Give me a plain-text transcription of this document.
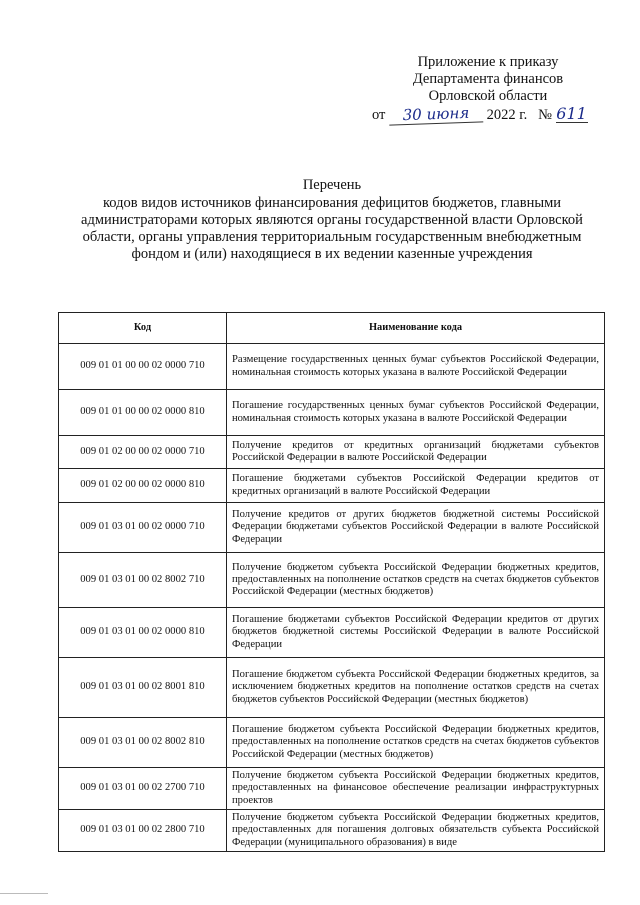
Приложение к приказу
Департамента финансов
Орловской области
от 30 июня 2022 г. № 611
Перечень
кодов видов источников финансирования дефицитов бюджетов, главными администраторами которых являются органы государственной власти Орловской области, органы управления территориальным государственным внебюджетным фондом и (или) находящиеся в их ведении казенные учреждения
Код	Наименование кода
009 01 01 00 00 02 0000 710	Размещение государственных ценных бумаг субъектов Российской Федерации, номинальная стоимость которых указана в валюте Российской Федерации
009 01 01 00 00 02 0000 810	Погашение государственных ценных бумаг субъектов Российской Федерации, номинальная стоимость которых указана в валюте Российской Федерации
009 01 02 00 00 02 0000 710	Получение кредитов от кредитных организаций бюджетами субъектов Российской Федерации в валюте Российской Федерации
009 01 02 00 00 02 0000 810	Погашение бюджетами субъектов Российской Федерации кредитов от кредитных организаций в валюте Российской Федерации
009 01 03 01 00 02 0000 710	Получение кредитов от других бюджетов бюджетной системы Российской Федерации бюджетами субъектов Российской Федерации в валюте Российской Федерации
009 01 03 01 00 02 8002 710	Получение бюджетом субъекта Российской Федерации бюджетных кредитов, предоставленных на пополнение остатков средств на счетах бюджетов субъектов Российской Федерации (местных бюджетов)
009 01 03 01 00 02 0000 810	Погашение бюджетами субъектов Российской Федерации кредитов от других бюджетов бюджетной системы Российской Федерации в валюте Российской Федерации
009 01 03 01 00 02 8001 810	Погашение бюджетом субъекта Российской Федерации бюджетных кредитов, за исключением бюджетных кредитов на пополнение остатков средств на счетах бюджетов субъектов Российской Федерации (местных бюджетов)
009 01 03 01 00 02 8002 810	Погашение бюджетом субъекта Российской Федерации бюджетных кредитов, предоставленных на пополнение остатков средств на счетах бюджетов субъектов Российской Федерации (местных бюджетов)
009 01 03 01 00 02 2700 710	Получение бюджетом субъекта Российской Федерации бюджетных кредитов, предоставленных на финансовое обеспечение реализации инфраструктурных проектов
009 01 03 01 00 02 2800 710	Получение бюджетом субъекта Российской Федерации бюджетных кредитов, предоставленных для погашения долговых обязательств субъекта Российской Федерации (муниципального образования) в виде
